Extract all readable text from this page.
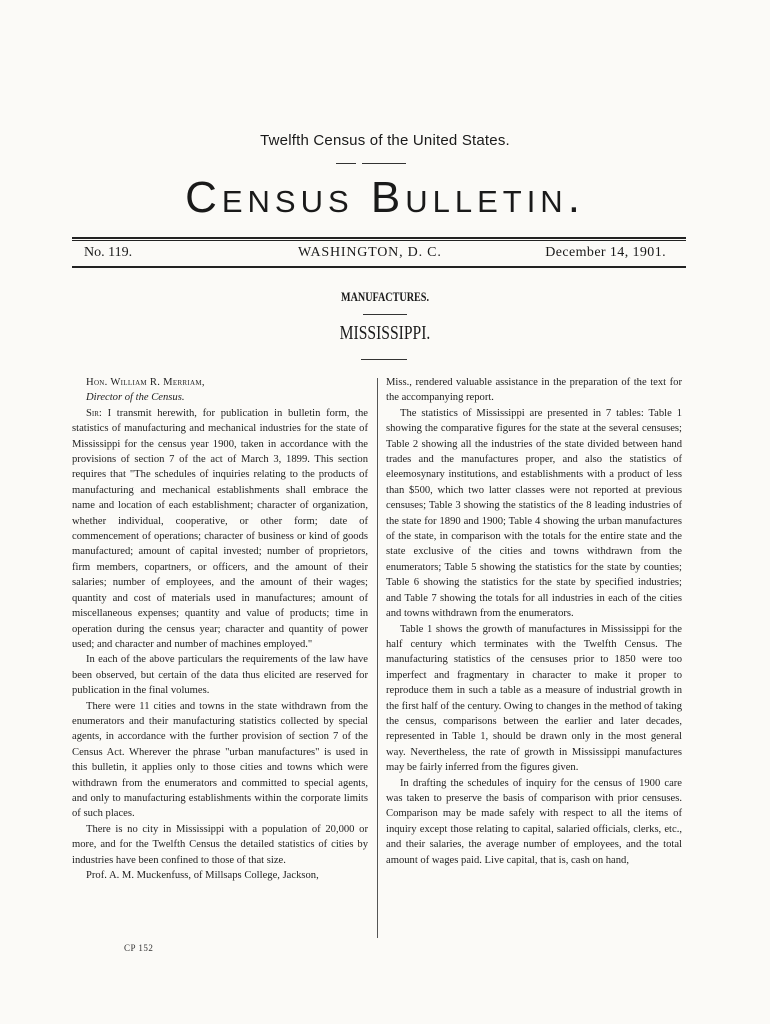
Twelfth Census of the United States.
Census Bulletin.
No. 119.	WASHINGTON, D. C.	December 14, 1901.
MANUFACTURES.
MISSISSIPPI.

Hon. William R. Merriam,

Director of the Census.

Sir: I transmit herewith, for publication in bulletin form, the statistics of manufacturing and mechanical industries for the state of Mississippi for the census year 1900, taken in accordance with the provisions of section 7 of the act of March 3, 1899. This section requires that "The schedules of inquiries relating to the products of manufacturing and mechanical establishments shall embrace the name and location of each establishment; character of organization, whether individual, cooperative, or other form; date of commencement of operations; character of business or kind of goods manufactured; amount of capital invested; number of proprietors, firm members, copartners, or officers, and the amount of their salaries; number of employees, and the amount of their wages; quantity and cost of materials used in manufactures; amount of miscellaneous expenses; quantity and value of products; time in operation during the census year; character and quantity of power used; and character and number of machines employed."

In each of the above particulars the requirements of the law have been observed, but certain of the data thus elicited are reserved for publication in the final volumes.

There were 11 cities and towns in the state withdrawn from the enumerators and their manufacturing statistics collected by special agents, in accordance with the further provision of section 7 of the Census Act. Wherever the phrase "urban manufactures" is used in this bulletin, it applies only to those cities and towns which were withdrawn from the enumerators and committed to special agents, and only to manufacturing establishments within the corporate limits of such places.

There is no city in Mississippi with a population of 20,000 or more, and for the Twelfth Census the detailed statistics of cities by industries have been confined to those of that size.

Prof. A. M. Muckenfuss, of Millsaps College, Jackson,

Miss., rendered valuable assistance in the preparation of the text for the accompanying report.

The statistics of Mississippi are presented in 7 tables: Table 1 showing the comparative figures for the state at the several censuses; Table 2 showing all the industries of the state divided between hand trades and the manufactures proper, and also the statistics of eleemosynary institutions, and establishments with a product of less than $500, which two latter classes were not reported at previous censuses; Table 3 showing the statistics of the 8 leading industries of the state for 1890 and 1900; Table 4 showing the urban manufactures of the state, in comparison with the totals for the entire state and the state exclusive of the cities and towns withdrawn from the enumerators; Table 5 showing the statistics for the state by counties; Table 6 showing the statistics for the state by specified industries; and Table 7 showing the totals for all industries in each of the cities and towns withdrawn from the enumerators.

Table 1 shows the growth of manufactures in Mississippi for the half century which terminates with the Twelfth Census. The manufacturing statistics of the censuses prior to 1850 were too imperfect and fragmentary in character to make it proper to reproduce them in such a table as a measure of industrial growth in the first half of the century. Owing to changes in the method of taking the census, comparisons between the earlier and later decades, represented in Table 1, should be drawn only in the most general way. Nevertheless, the rate of growth in Mississippi manufactures may be fairly inferred from the figures given.

In drafting the schedules of inquiry for the census of 1900 care was taken to preserve the basis of comparison with prior censuses. Comparison may be made safely with respect to all the items of inquiry except those relating to capital, salaried officials, clerks, etc., and their salaries, the average number of employees, and the total amount of wages paid. Live capital, that is, cash on hand,

CP 152
